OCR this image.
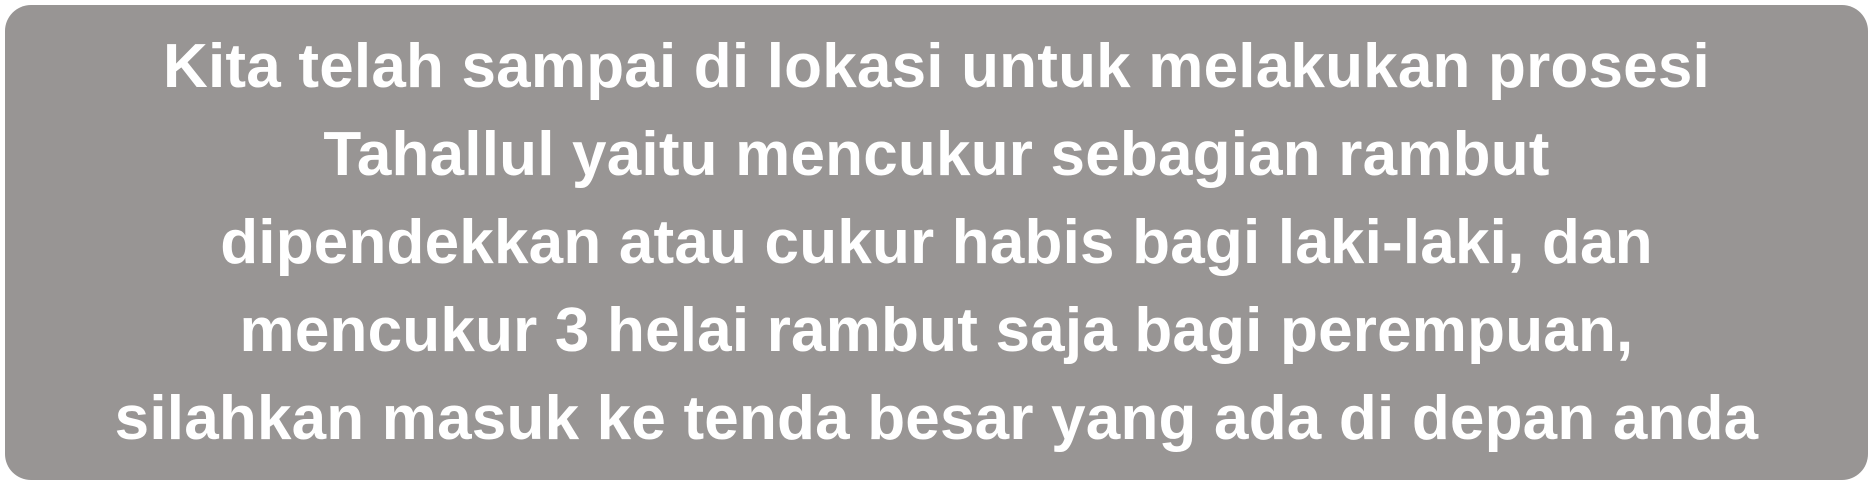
Kita telah sampai di lokasi untuk melakukan prosesi
Tahallul yaitu mencukur sebagian rambut
dipendekkan atau cukur habis bagi laki-laki, dan
mencukur 3 helai rambut saja bagi perempuan,
silahkan masuk ke tenda besar yang ada di depan anda
